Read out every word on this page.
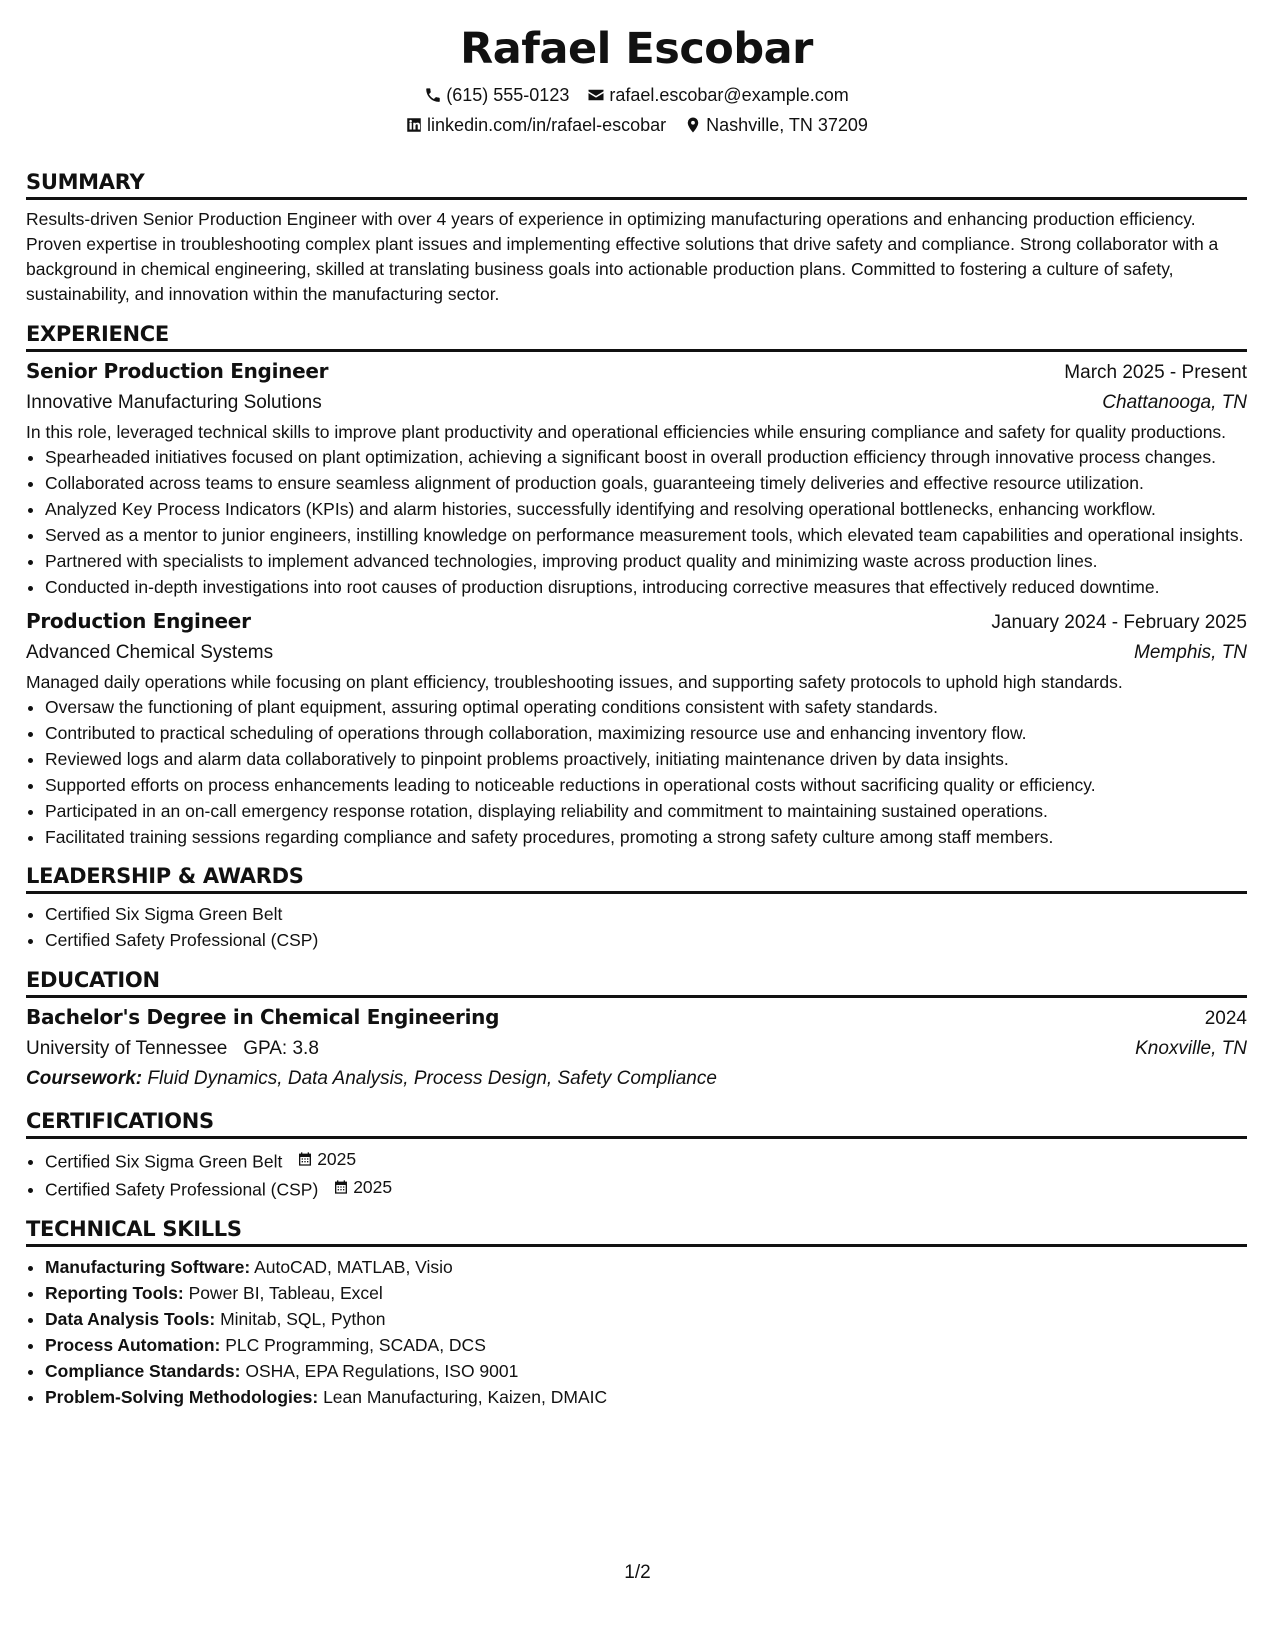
Rafael Escobar
(615) 555-0123 rafael.escobar@example.com
linkedin.com/in/rafael-escobar Nashville, TN 37209
SUMMARY

Results-driven Senior Production Engineer with over 4 years of experience in optimizing manufacturing operations and enhancing production efficiency. Proven expertise in troubleshooting complex plant issues and implementing effective solutions that drive safety and compliance. Strong collaborator with a background in chemical engineering, skilled at translating business goals into actionable production plans. Committed to fostering a culture of safety, sustainability, and innovation within the manufacturing sector.

EXPERIENCE
Senior Production Engineer	March 2025 - Present
Innovative Manufacturing Solutions	Chattanooga, TN

In this role, leveraged technical skills to improve plant productivity and operational efficiencies while ensuring compliance and safety for quality productions.

• Spearheaded initiatives focused on plant optimization, achieving a significant boost in overall production efficiency through innovative process changes.
• Collaborated across teams to ensure seamless alignment of production goals, guaranteeing timely deliveries and effective resource utilization.
• Analyzed Key Process Indicators (KPIs) and alarm histories, successfully identifying and resolving operational bottlenecks, enhancing workflow.
• Served as a mentor to junior engineers, instilling knowledge on performance measurement tools, which elevated team capabilities and operational insights.
• Partnered with specialists to implement advanced technologies, improving product quality and minimizing waste across production lines.
• Conducted in-depth investigations into root causes of production disruptions, introducing corrective measures that effectively reduced downtime.
Production Engineer	January 2024 - February 2025
Advanced Chemical Systems	Memphis, TN

Managed daily operations while focusing on plant efficiency, troubleshooting issues, and supporting safety protocols to uphold high standards.

• Oversaw the functioning of plant equipment, assuring optimal operating conditions consistent with safety standards.
• Contributed to practical scheduling of operations through collaboration, maximizing resource use and enhancing inventory flow.
• Reviewed logs and alarm data collaboratively to pinpoint problems proactively, initiating maintenance driven by data insights.
• Supported efforts on process enhancements leading to noticeable reductions in operational costs without sacrificing quality or efficiency.
• Participated in an on-call emergency response rotation, displaying reliability and commitment to maintaining sustained operations.
• Facilitated training sessions regarding compliance and safety procedures, promoting a strong safety culture among staff members.
LEADERSHIP & AWARDS
• Certified Six Sigma Green Belt
• Certified Safety Professional (CSP)
EDUCATION
Bachelor's Degree in Chemical Engineering	2024
University of Tennessee GPA: 3.8	Knoxville, TN
Coursework: Fluid Dynamics, Data Analysis, Process Design, Safety Compliance
CERTIFICATIONS
• Certified Six Sigma Green Belt 2025
• Certified Safety Professional (CSP) 2025
TECHNICAL SKILLS
• Manufacturing Software: AutoCAD, MATLAB, Visio
• Reporting Tools: Power BI, Tableau, Excel
• Data Analysis Tools: Minitab, SQL, Python
• Process Automation: PLC Programming, SCADA, DCS
• Compliance Standards: OSHA, EPA Regulations, ISO 9001
• Problem-Solving Methodologies: Lean Manufacturing, Kaizen, DMAIC
1/2
